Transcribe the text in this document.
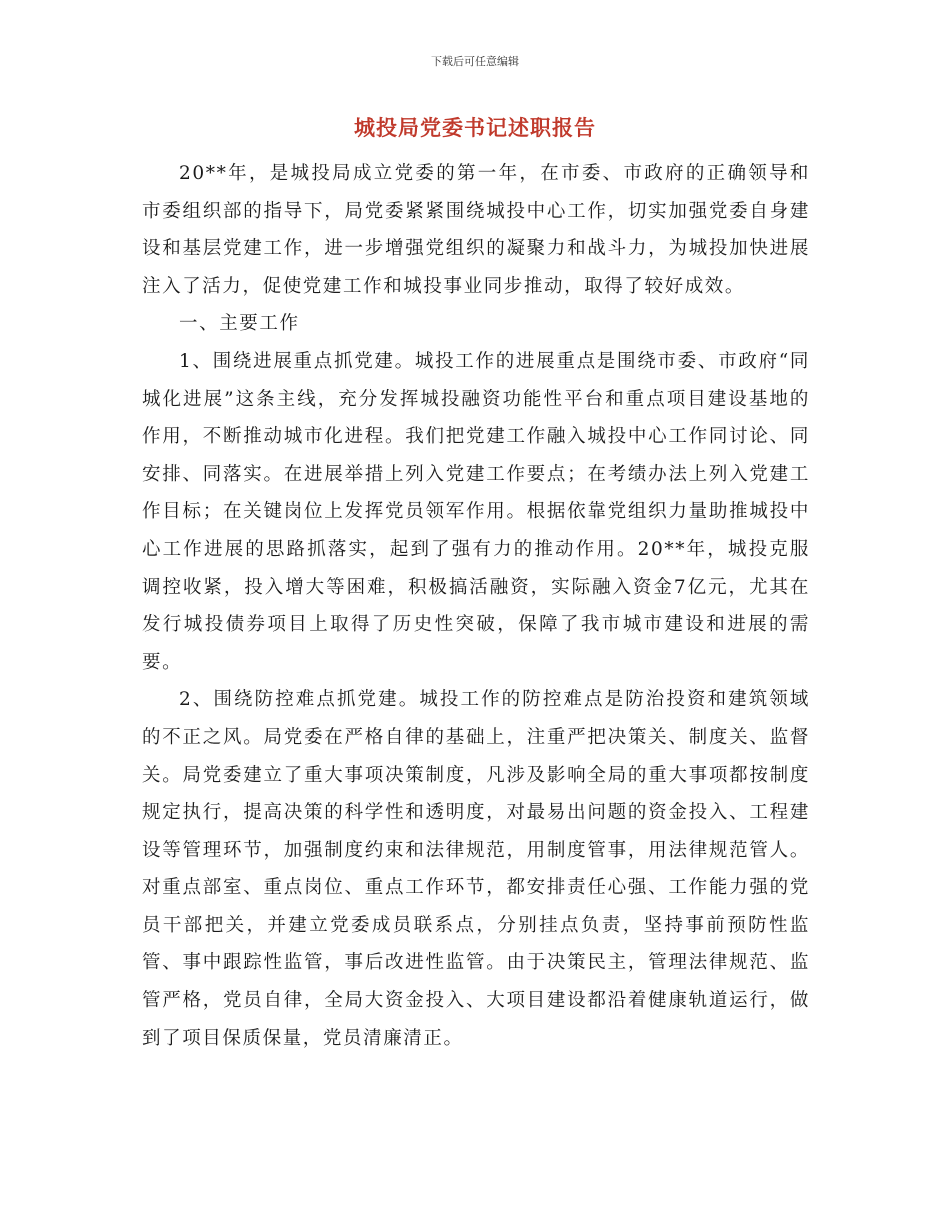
下载后可任意编辑
城投局党委书记述职报告

20**年，是城投局成立党委的第一年，在市委、市政府的正确领导和市委组织部的指导下，局党委紧紧围绕城投中心工作，切实加强党委自身建设和基层党建工作，进一步增强党组织的凝聚力和战斗力，为城投加快进展注入了活力，促使党建工作和城投事业同步推动，取得了较好成效。

一、主要工作

1、围绕进展重点抓党建。城投工作的进展重点是围绕市委、市政府“同城化进展”这条主线，充分发挥城投融资功能性平台和重点项目建设基地的作用，不断推动城市化进程。我们把党建工作融入城投中心工作同讨论、同安排、同落实。在进展举措上列入党建工作要点；在考绩办法上列入党建工作目标；在关键岗位上发挥党员领军作用。根据依靠党组织力量助推城投中心工作进展的思路抓落实，起到了强有力的推动作用。20**年，城投克服调控收紧，投入增大等困难，积极搞活融资，实际融入资金7亿元，尤其在发行城投债券项目上取得了历史性突破，保障了我市城市建设和进展的需要。

2、围绕防控难点抓党建。城投工作的防控难点是防治投资和建筑领域的不正之风。局党委在严格自律的基础上，注重严把决策关、制度关、监督关。局党委建立了重大事项决策制度，凡涉及影响全局的重大事项都按制度规定执行，提高决策的科学性和透明度，对最易出问题的资金投入、工程建设等管理环节，加强制度约束和法律规范，用制度管事，用法律规范管人。对重点部室、重点岗位、重点工作环节，都安排责任心强、工作能力强的党员干部把关，并建立党委成员联系点，分别挂点负责，坚持事前预防性监管、事中跟踪性监管，事后改进性监管。由于决策民主，管理法律规范、监管严格，党员自律，全局大资金投入、大项目建设都沿着健康轨道运行，做到了项目保质保量，党员清廉清正。
